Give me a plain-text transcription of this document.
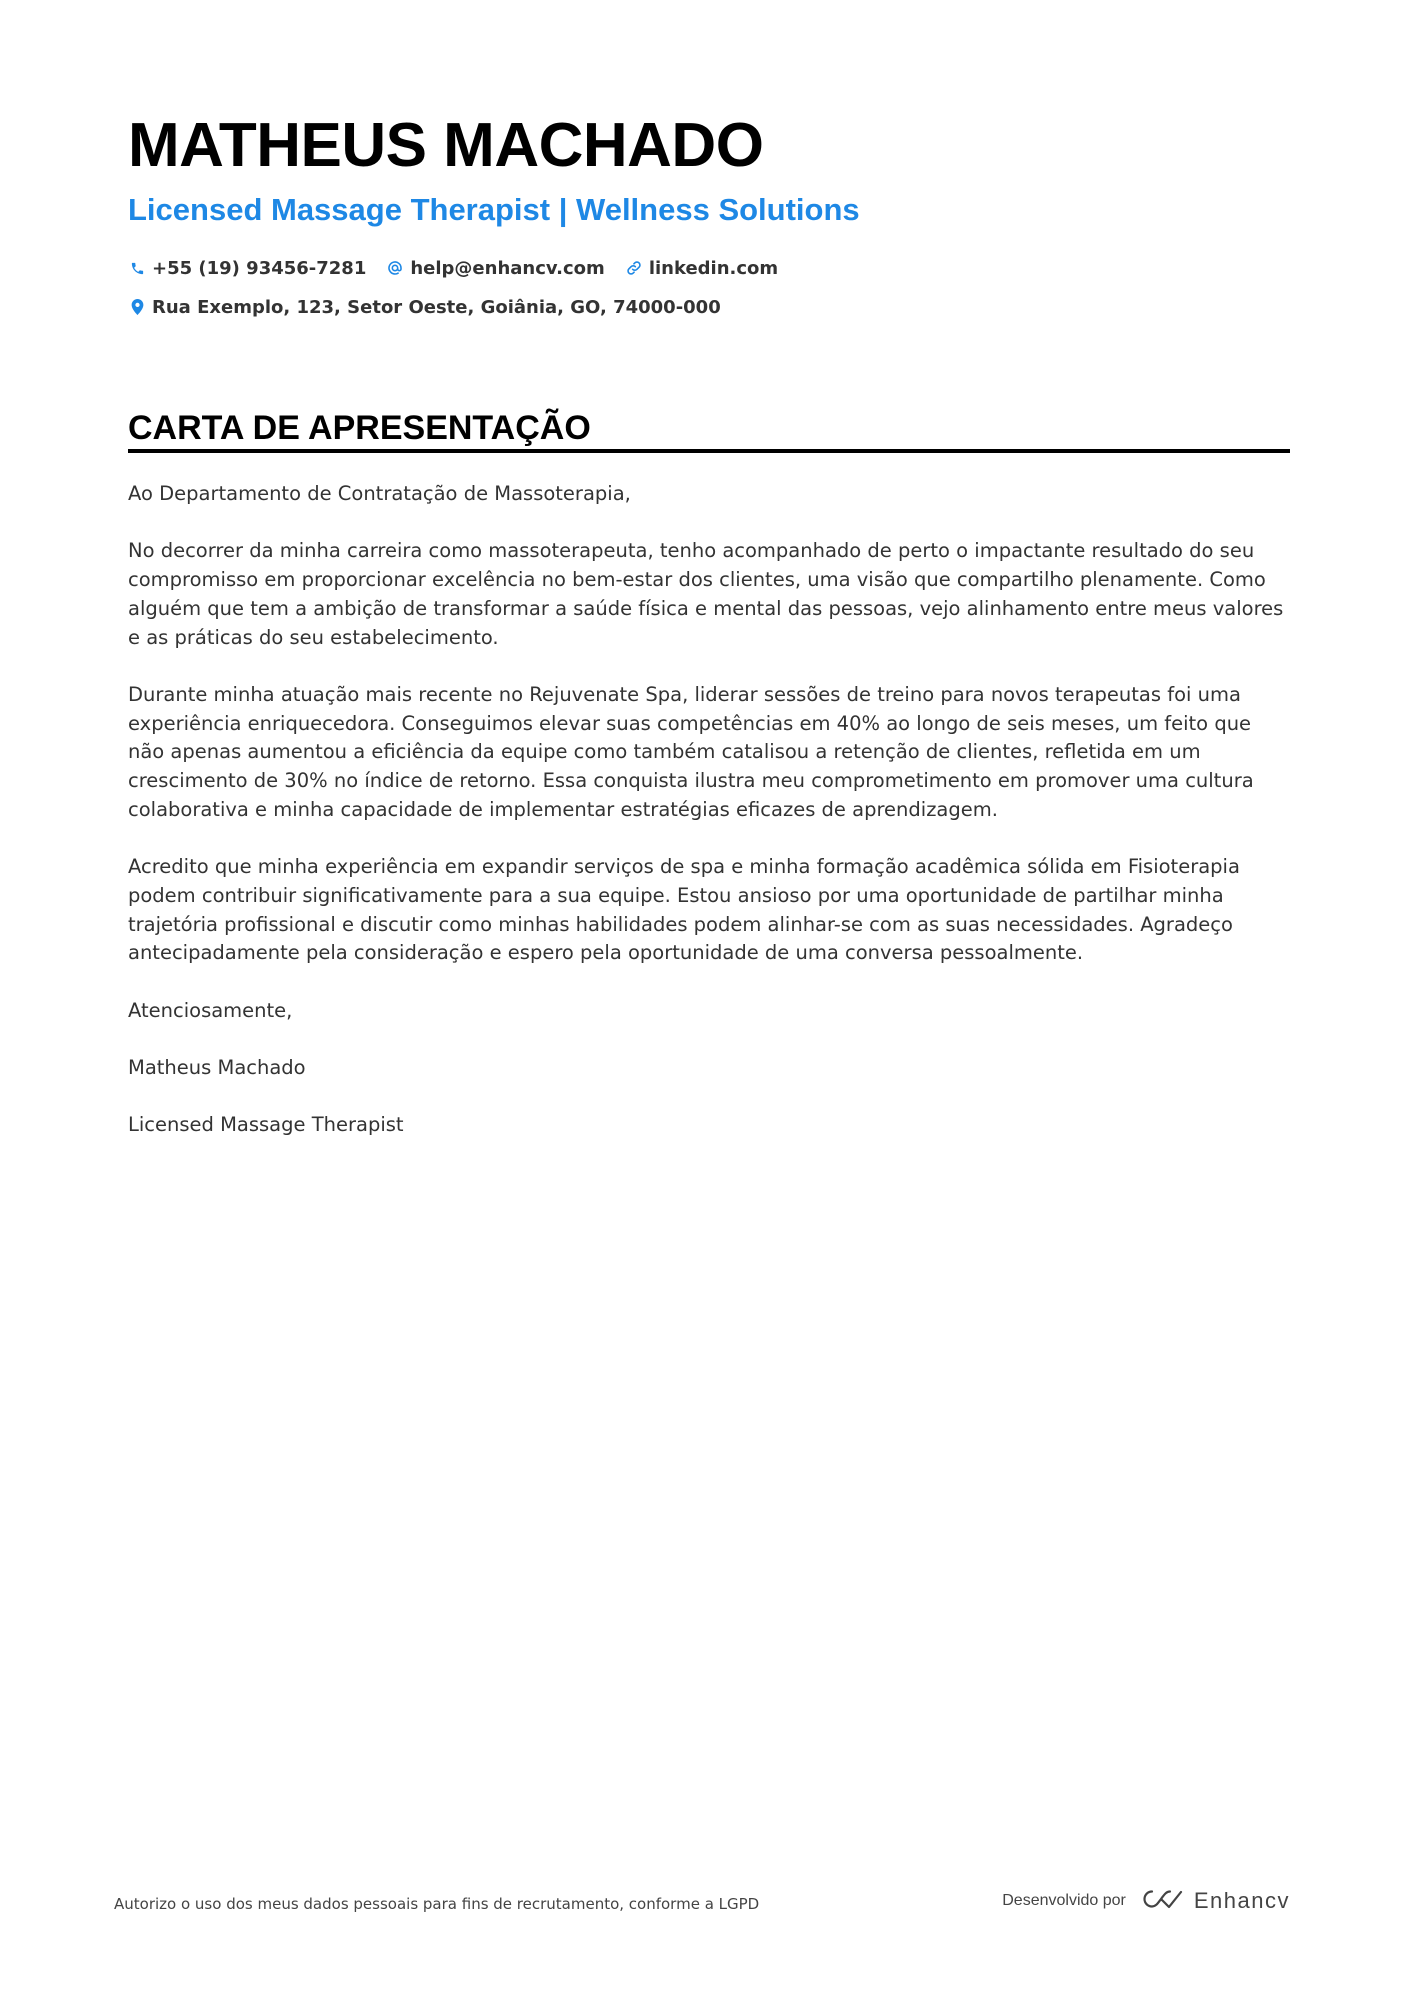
MATHEUS MACHADO
Licensed Massage Therapist | Wellness Solutions
+55 (19) 93456-7281 help@enhancv.com linkedin.com
Rua Exemplo, 123, Setor Oeste, Goiânia, GO, 74000-000
CARTA DE APRESENTAÇÃO

Ao Departamento de Contratação de Massoterapia,

No decorrer da minha carreira como massoterapeuta, tenho acompanhado de perto o impactante resultado do seu compromisso em proporcionar excelência no bem-estar dos clientes, uma visão que compartilho plenamente. Como alguém que tem a ambição de transformar a saúde física e mental das pessoas, vejo alinhamento entre meus valores e as práticas do seu estabelecimento.

Durante minha atuação mais recente no Rejuvenate Spa, liderar sessões de treino para novos terapeutas foi uma experiência enriquecedora. Conseguimos elevar suas competências em 40% ao longo de seis meses, um feito que não apenas aumentou a eficiência da equipe como também catalisou a retenção de clientes, refletida em um crescimento de 30% no índice de retorno. Essa conquista ilustra meu comprometimento em promover uma cultura colaborativa e minha capacidade de implementar estratégias eficazes de aprendizagem.

Acredito que minha experiência em expandir serviços de spa e minha formação acadêmica sólida em Fisioterapia podem contribuir significativamente para a sua equipe. Estou ansioso por uma oportunidade de partilhar minha trajetória profissional e discutir como minhas habilidades podem alinhar-se com as suas necessidades. Agradeço antecipadamente pela consideração e espero pela oportunidade de uma conversa pessoalmente.

Atenciosamente,

Matheus Machado

Licensed Massage Therapist

Autorizo o uso dos meus dados pessoais para fins de recrutamento, conforme a LGPD	Desenvolvido por	Enhancv
